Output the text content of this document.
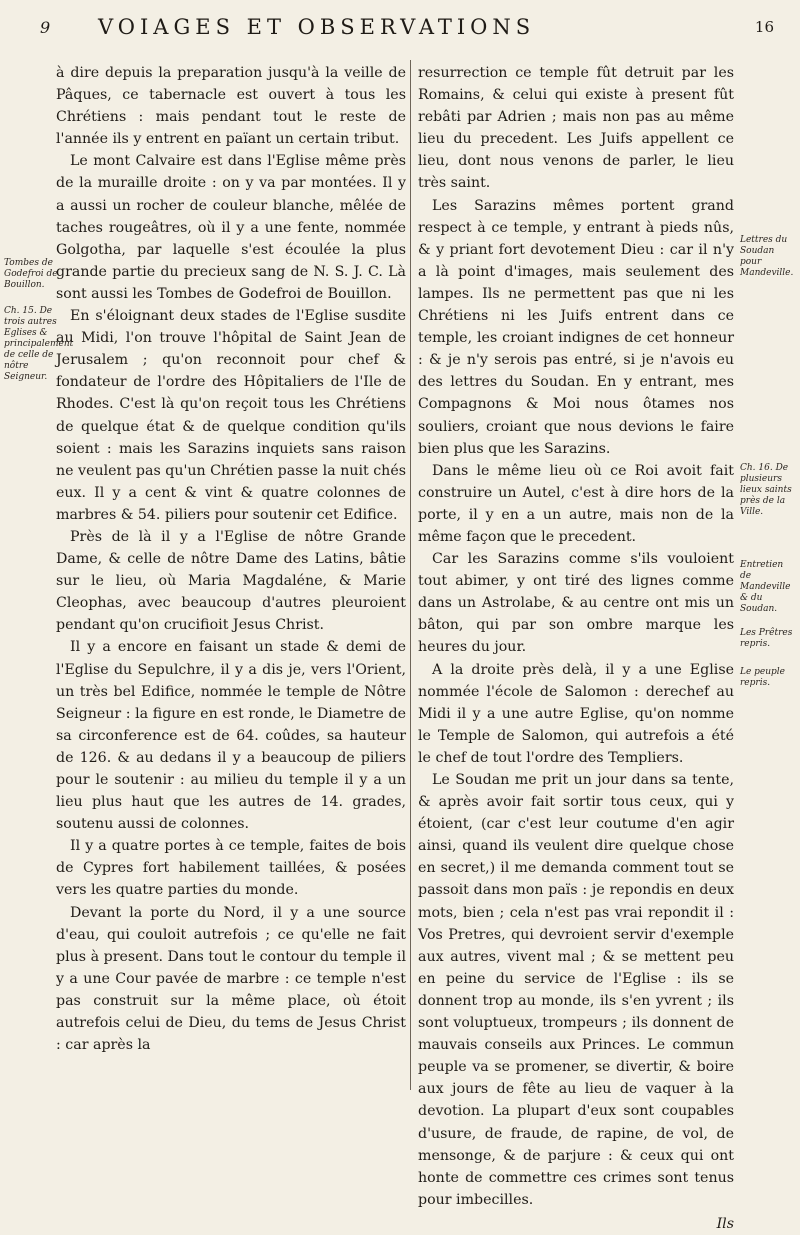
9	VOIAGES ET OBSERVATIONS	16

à dire depuis la preparation jusqu'à la veille de Pâques, ce tabernacle est ouvert à tous les Chrétiens : mais pendant tout le reste de l'année ils y entrent en païant un certain tribut.

Le mont Calvaire est dans l'Eglise même près de la muraille droite : on y va par montées. Il y a aussi un rocher de couleur blanche, mêlée de taches rougeâtres, où il y a une fente, nommée Golgotha, par laquelle s'est écoulée la plus grande partie du precieux sang de N. S. J. C. Là sont aussi les Tombes de Godefroi de Bouillon.

En s'éloignant deux stades de l'Eglise susdite au Midi, l'on trouve l'hôpital de Saint Jean de Jerusalem ; qu'on reconnoit pour chef & fondateur de l'ordre des Hôpitaliers de l'Ile de Rhodes. C'est là qu'on reçoit tous les Chrétiens de quelque état & de quelque condition qu'ils soient : mais les Sarazins inquiets sans raison ne veulent pas qu'un Chrétien passe la nuit chés eux. Il y a cent & vint & quatre colonnes de marbres & 54. piliers pour soutenir cet Edifice.

Près de là il y a l'Eglise de nôtre Grande Dame, & celle de nôtre Dame des Latins, bâtie sur le lieu, où Maria Magdaléne, & Marie Cleophas, avec beaucoup d'autres pleuroient pendant qu'on crucifioit Jesus Christ.

Il y a encore en faisant un stade & demi de l'Eglise du Sepulchre, il y a dis je, vers l'Orient, un très bel Edifice, nommée le temple de Nôtre Seigneur : la figure en est ronde, le Diametre de sa circonference est de 64. coûdes, sa hauteur de 126. & au dedans il y a beaucoup de piliers pour le soutenir : au milieu du temple il y a un lieu plus haut que les autres de 14. grades, soutenu aussi de colonnes.

Il y a quatre portes à ce temple, faites de bois de Cypres fort habilement taillées, & posées vers les quatre parties du monde.

Devant la porte du Nord, il y a une source d'eau, qui couloit autrefois ; ce qu'elle ne fait plus à present. Dans tout le contour du temple il y a une Cour pavée de marbre : ce temple n'est pas construit sur la même place, où étoit autrefois celui de Dieu, du tems de Jesus Christ : car après la

resurrection ce temple fût detruit par les Romains, & celui qui existe à present fût rebâti par Adrien ; mais non pas au même lieu du precedent. Les Juifs appellent ce lieu, dont nous venons de parler, le lieu très saint.

Les Sarazins mêmes portent grand respect à ce temple, y entrant à pieds nûs, & y priant fort devotement Dieu : car il n'y a là point d'images, mais seulement des lampes. Ils ne permettent pas que ni les Chrétiens ni les Juifs entrent dans ce temple, les croiant indignes de cet honneur : & je n'y serois pas entré, si je n'avois eu des lettres du Soudan. En y entrant, mes Compagnons & Moi nous ôtames nos souliers, croiant que nous devions le faire bien plus que les Sarazins.

Dans le même lieu où ce Roi avoit fait construire un Autel, c'est à dire hors de la porte, il y en a un autre, mais non de la même façon que le precedent.

Car les Sarazins comme s'ils vouloient tout abimer, y ont tiré des lignes comme dans un Astrolabe, & au centre ont mis un bâton, qui par son ombre marque les heures du jour.

A la droite près delà, il y a une Eglise nommée l'école de Salomon : derechef au Midi il y a une autre Eglise, qu'on nomme le Temple de Salomon, qui autrefois a été le chef de tout l'ordre des Templiers.

Le Soudan me prit un jour dans sa tente, & après avoir fait sortir tous ceux, qui y étoient, (car c'est leur coutume d'en agir ainsi, quand ils veulent dire quelque chose en secret,) il me demanda comment tout se passoit dans mon païs : je repondis en deux mots, bien ; cela n'est pas vrai repondit il : Vos Pretres, qui devroient servir d'exemple aux autres, vivent mal ; & se mettent peu en peine du service de l'Eglise : ils se donnent trop au monde, ils s'en yvrent ; ils sont voluptueux, trompeurs ; ils donnent de mauvais conseils aux Princes. Le commun peuple va se promener, se divertir, & boire aux jours de fête au lieu de vaquer à la devotion. La plupart d'eux sont coupables d'usure, de fraude, de rapine, de vol, de mensonge, & de parjure : & ceux qui ont honte de commettre ces crimes sont tenus pour imbecilles.

Ils

Tombes de Godefroi de Bouillon.
Ch. 15. De trois autres Eglises & principalement de celle de nôtre Seigneur.
Lettres du Soudan pour Mandeville.
Ch. 16. De plusieurs lieux saints près de la Ville.
Entretien de Mandeville & du Soudan.
Les Prêtres repris.
Le peuple repris.
